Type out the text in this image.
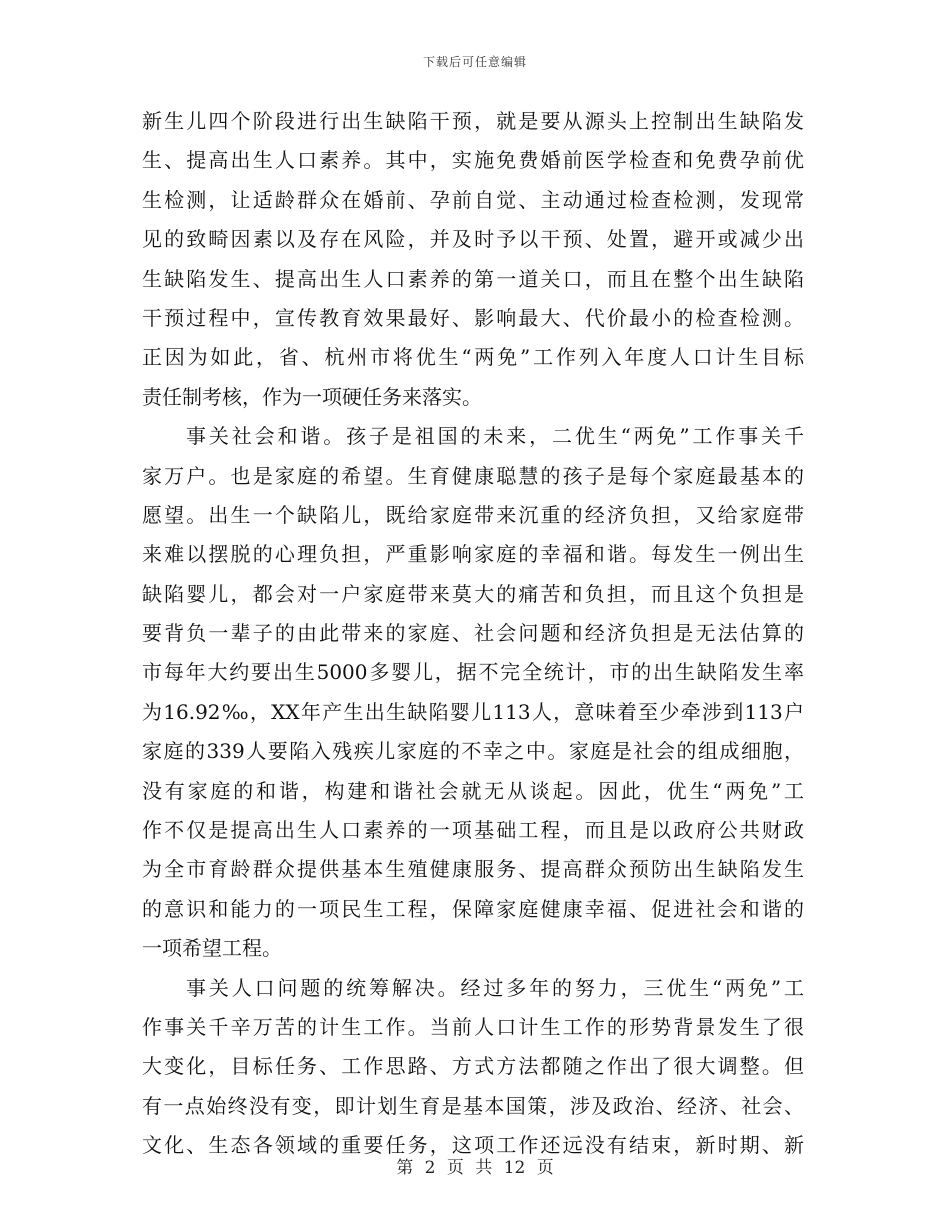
下载后可任意编辑
新生儿四个阶段进行出生缺陷干预，就是要从源头上控制出生缺陷发
生、提高出生人口素养。其中，实施免费婚前医学检查和免费孕前优
生检测，让适龄群众在婚前、孕前自觉、主动通过检查检测，发现常
见的致畸因素以及存在风险，并及时予以干预、处置，避开或减少出
生缺陷发生、提高出生人口素养的第一道关口，而且在整个出生缺陷
干预过程中，宣传教育效果最好、影响最大、代价最小的检查检测。
正因为如此，省、杭州市将优生“两免”工作列入年度人口计生目标
责任制考核，作为一项硬任务来落实。
事关社会和谐。孩子是祖国的未来，二优生“两免”工作事关千
家万户。也是家庭的希望。生育健康聪慧的孩子是每个家庭最基本的
愿望。出生一个缺陷儿，既给家庭带来沉重的经济负担，又给家庭带
来难以摆脱的心理负担，严重影响家庭的幸福和谐。每发生一例出生
缺陷婴儿，都会对一户家庭带来莫大的痛苦和负担，而且这个负担是
要背负一辈子的由此带来的家庭、社会问题和经济负担是无法估算的
市每年大约要出生5000多婴儿，据不完全统计，市的出生缺陷发生率
为16.92‰，XX年产生出生缺陷婴儿113人，意味着至少牵涉到113户
家庭的339人要陷入残疾儿家庭的不幸之中。家庭是社会的组成细胞，
没有家庭的和谐，构建和谐社会就无从谈起。因此，优生“两免”工
作不仅是提高出生人口素养的一项基础工程，而且是以政府公共财政
为全市育龄群众提供基本生殖健康服务、提高群众预防出生缺陷发生
的意识和能力的一项民生工程，保障家庭健康幸福、促进社会和谐的
一项希望工程。
事关人口问题的统筹解决。经过多年的努力，三优生“两免”工
作事关千辛万苦的计生工作。当前人口计生工作的形势背景发生了很
大变化，目标任务、工作思路、方式方法都随之作出了很大调整。但
有一点始终没有变，即计划生育是基本国策，涉及政治、经济、社会、
文化、生态各领域的重要任务，这项工作还远没有结束，新时期、新
第 2 页 共 12 页
